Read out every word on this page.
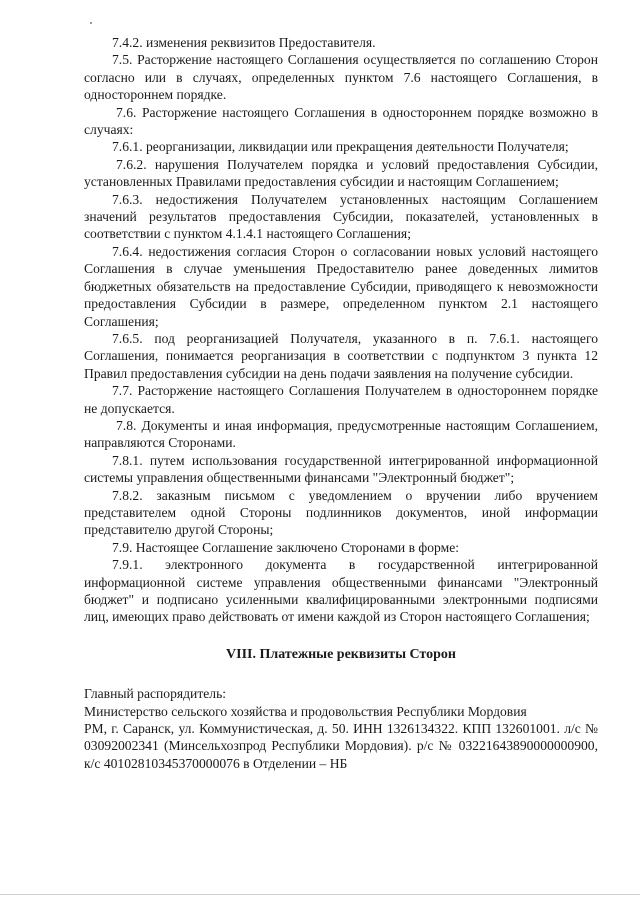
7.4.2. изменения реквизитов Предоставителя.

7.5. Расторжение настоящего Соглашения осуществляется по соглашению Сторон согласно или в случаях, определенных пунктом 7.6 настоящего Соглашения, в одностороннем порядке.

7.6. Расторжение настоящего Соглашения в одностороннем порядке возможно в случаях:

7.6.1. реорганизации, ликвидации или прекращения деятельности Получателя;

7.6.2. нарушения Получателем порядка и условий предоставления Субсидии, установленных Правилами предоставления субсидии и настоящим Соглашением;

7.6.3. недостижения Получателем установленных настоящим Соглашением значений результатов предоставления Субсидии, показателей, установленных в соответствии с пунктом 4.1.4.1 настоящего Соглашения;

7.6.4. недостижения согласия Сторон о согласовании новых условий настоящего Соглашения в случае уменьшения Предоставителю ранее доведенных лимитов бюджетных обязательств на предоставление Субсидии, приводящего к невозможности предоставления Субсидии в размере, определенном пунктом 2.1 настоящего Соглашения;

7.6.5. под реорганизацией Получателя, указанного в п. 7.6.1. настоящего Соглашения, понимается реорганизация в соответствии с подпунктом 3 пункта 12 Правил предоставления субсидии на день подачи заявления на получение субсидии.

7.7. Расторжение настоящего Соглашения Получателем в одностороннем порядке не допускается.

7.8. Документы и иная информация, предусмотренные настоящим Соглашением, направляются Сторонами.

7.8.1. путем использования государственной интегрированной информационной системы управления общественными финансами "Электронный бюджет";

7.8.2. заказным письмом с уведомлением о вручении либо вручением представителем одной Стороны подлинников документов, иной информации представителю другой Стороны;

7.9. Настоящее Соглашение заключено Сторонами в форме:

7.9.1. электронного документа в государственной интегрированной информационной системе управления общественными финансами "Электронный бюджет" и подписано усиленными квалифицированными электронными подписями лиц, имеющих право действовать от имени каждой из Сторон настоящего Соглашения;

VIII. Платежные реквизиты Сторон

Главный распорядитель:

Министерство сельского хозяйства и продовольствия Республики Мордовия

РМ, г. Саранск, ул. Коммунистическая, д. 50. ИНН 1326134322. КПП 132601001. л/с № 03092002341 (Минсельхозпрод Республики Мордовия). р/с № 03221643890000000900, к/с 40102810345370000076 в Отделении – НБ
